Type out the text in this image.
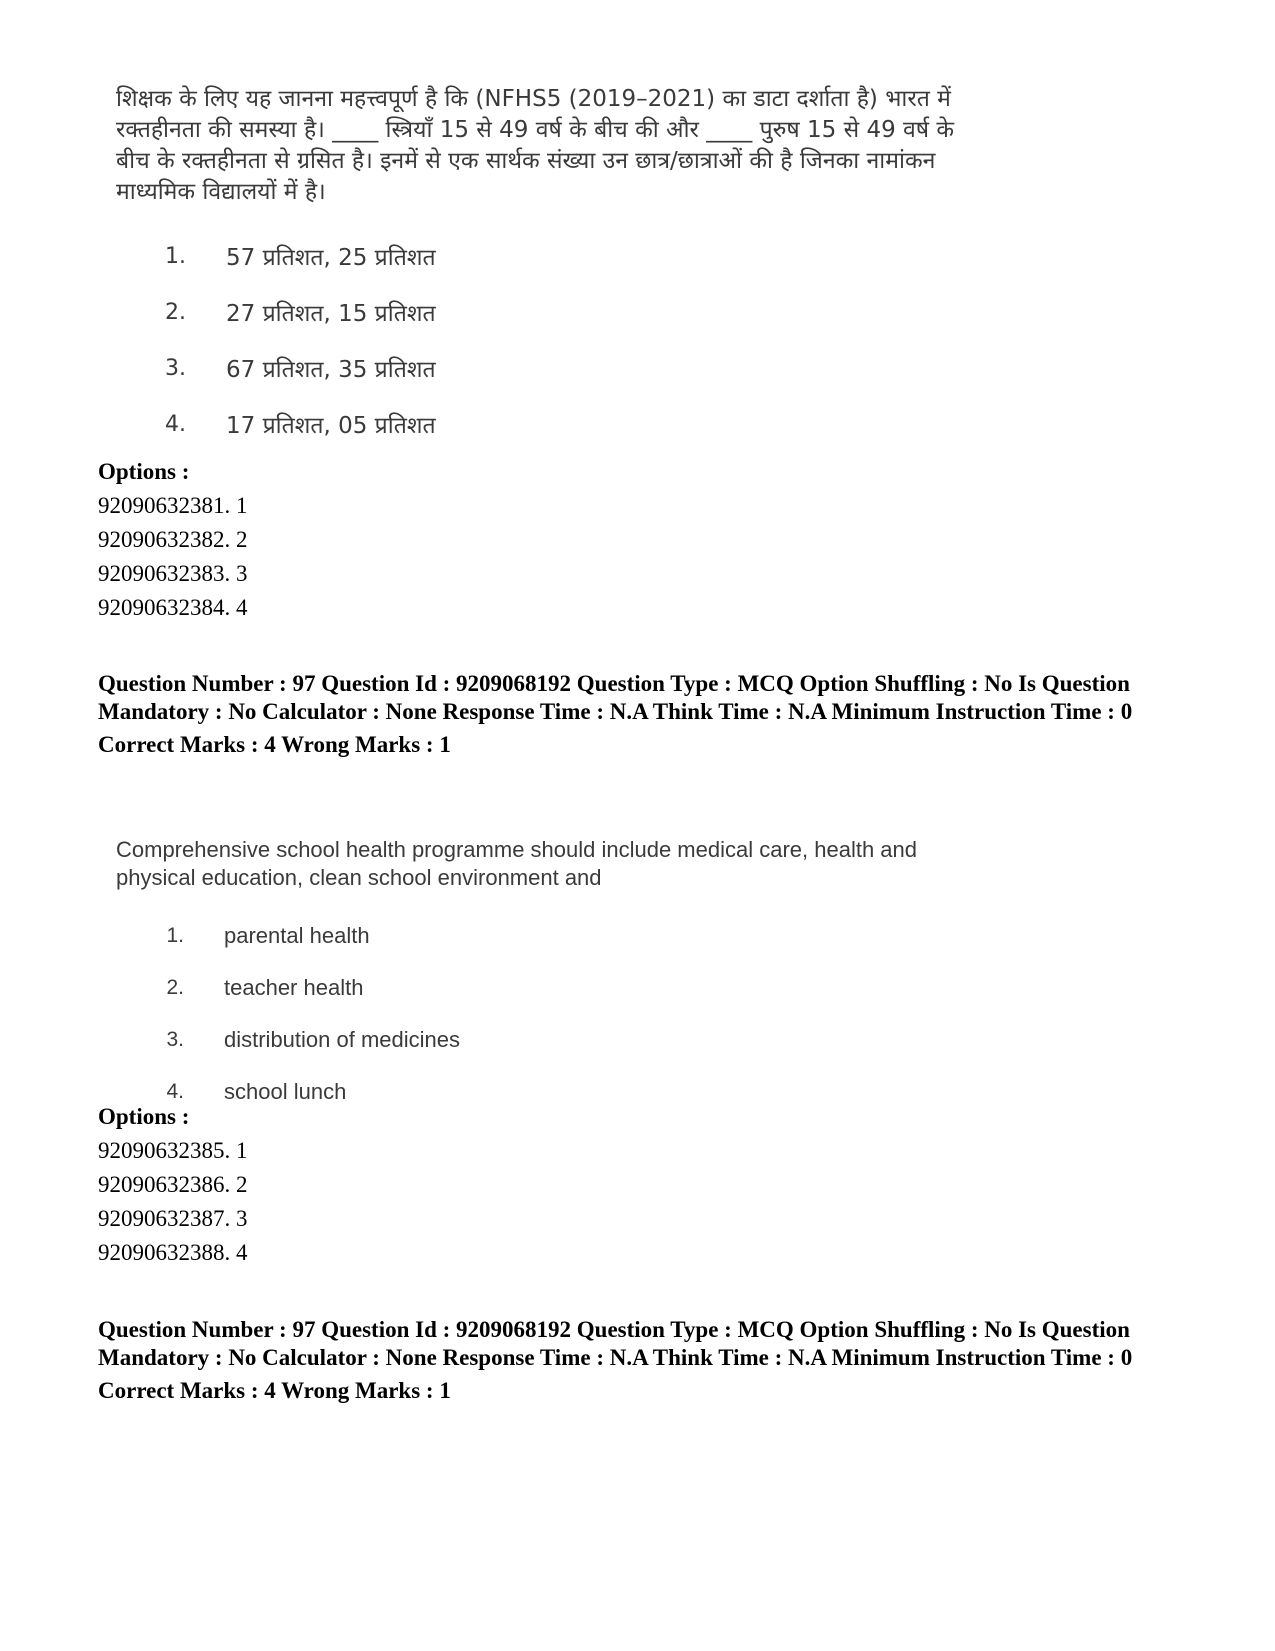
शिक्षक के लिए यह जानना महत्त्वपूर्ण है कि (NFHS5 (2019–2021) का डाटा दर्शाता है) भारत में रक्तहीनता की समस्या है। ____ स्त्रियाँ 15 से 49 वर्ष के बीच की और ____ पुरुष 15 से 49 वर्ष के बीच के रक्तहीनता से ग्रसित है। इनमें से एक सार्थक संख्या उन छात्र/छात्राओं की है जिनका नामांकन माध्यमिक विद्यालयों में है।

1.	57 प्रतिशत, 25 प्रतिशत
2.	27 प्रतिशत, 15 प्रतिशत
3.	67 प्रतिशत, 35 प्रतिशत
4.	17 प्रतिशत, 05 प्रतिशत
Options :
92090632381. 1
92090632382. 2
92090632383. 3
92090632384. 4
Question Number : 97 Question Id : 9209068192 Question Type : MCQ Option Shuffling : No Is Question Mandatory : No Calculator : None Response Time : N.A Think Time : N.A Minimum Instruction Time : 0
Correct Marks : 4 Wrong Marks : 1

Comprehensive school health programme should include medical care, health and physical education, clean school environment and

1.	parental health
2.	teacher health
3.	distribution of medicines
4.	school lunch
Options :
92090632385. 1
92090632386. 2
92090632387. 3
92090632388. 4
Question Number : 97 Question Id : 9209068192 Question Type : MCQ Option Shuffling : No Is Question Mandatory : No Calculator : None Response Time : N.A Think Time : N.A Minimum Instruction Time : 0
Correct Marks : 4 Wrong Marks : 1
